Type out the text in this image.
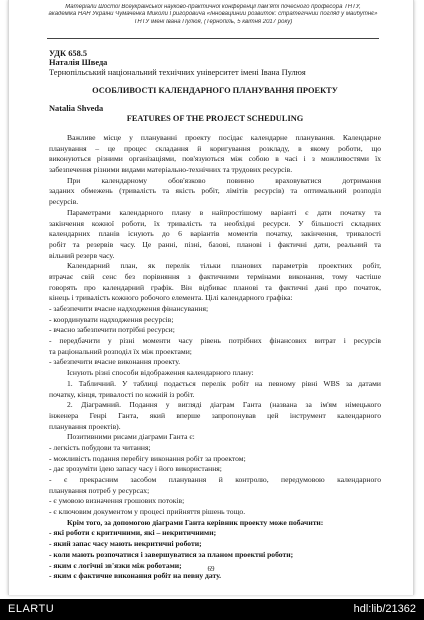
Матеріали Шостої Всеукраїнської науково-практичної конференції пам’яті почесного професора ТНТУ,
академіка НАН України Чумаченка Миколи Григоровича «Інноваційний розвиток: стратегічний погляд у майбутнє»
ТНТУ імені Івана Пулюя, (Тернопіль, 5 квітня 2017 року)
УДК 658.5
Наталія Шведа
Тернопільський національний технічних університет імені Івана Пулюя
ОСОБЛИВОСТІ КАЛЕНДАРНОГО ПЛАНУВАННЯ ПРОЕКТУ
Natalia Shveda
FEATURES OF THE PROJECT SCHEDULING
Важливе місце у плануванні проекту посідає календарне планування. Календарне
планування – це процес складання й коригування розкладу, в якому роботи, що
виконуються різними організаціями, пов'язуються між собою в часі і з можливостями їх
забезпечення різними видами матеріально-технічних та трудових ресурсів.
При календарному обов'язково повинно враховуватися дотримання
заданих обмежень (тривалість та якість робіт, лімітів ресурсів) та оптимальний розподіл
ресурсів.
Параметрами календарного плану в найпростішому варіанті є дати початку та
закінчення кожної роботи, їх тривалість та необхідні ресурси. У більшості складних
календарних планів існують до 6 варіантів моментів початку, закінчення, тривалості
робіт та резервів часу. Це ранні, пізні, базові, планові і фактичні дати, реальний та
вільний резерв часу.
Календарний план, як перелік тільки планових параметрів проектних робіт,
втрачає свій сенс без порівняння з фактичними термінами виконання, тому частіше
говорять про календарний графік. Він відбиває планові та фактичні дані про початок,
кінець і тривалість кожного робочого елемента. Цілі календарного графіка:
- забезпечити вчасне надходження фінансування;
- координувати надходження ресурсів;
- вчасно забезпечити потрібні ресурси;
- передбачити у різні моменти часу рівень потрібних фінансових витрат і ресурсів
та раціональний розподіл їх між проектами;
- забезпечити вчасне виконання проекту.
Існують різні способи відображення календарного плану:
1. Табличний. У таблиці подається перелік робіт на певному рівні WBS за датами
початку, кінця, тривалості по кожній із робіт.
2. Діаграмний. Подання у вигляді діаграм Ганта (названа за ім'ям німецького
інженера Генрі Ганта, який вперше запропонував цей інструмент календарного
планування проектів).
Позитивними рисами діаграми Ганта є:
- легкість побудови та читання;
- можливість подання перебігу виконання робіт за проектом;
- дає зрозуміти ідею запасу часу і його використання;
- є прекрасним засобом планування й контролю, передумовою календарного
планування потреб у ресурсах;
- є умовою визначення грошових потоків;
- є ключовим документом у процесі прийняття рішень тощо.
Крім того, за допомогою діаграми Ганта керівник проекту може побачити:
- які роботи є критичними, які – некритичними;
- який запас часу мають некритичні роботи;
- коли мають розпочатися і завершуватися за планом проектні роботи;
- яким є логічні зв'язки між роботами;
- яким є фактичне виконання робіт на певну дату.
69
ELARTU	hdl:lib/21362
